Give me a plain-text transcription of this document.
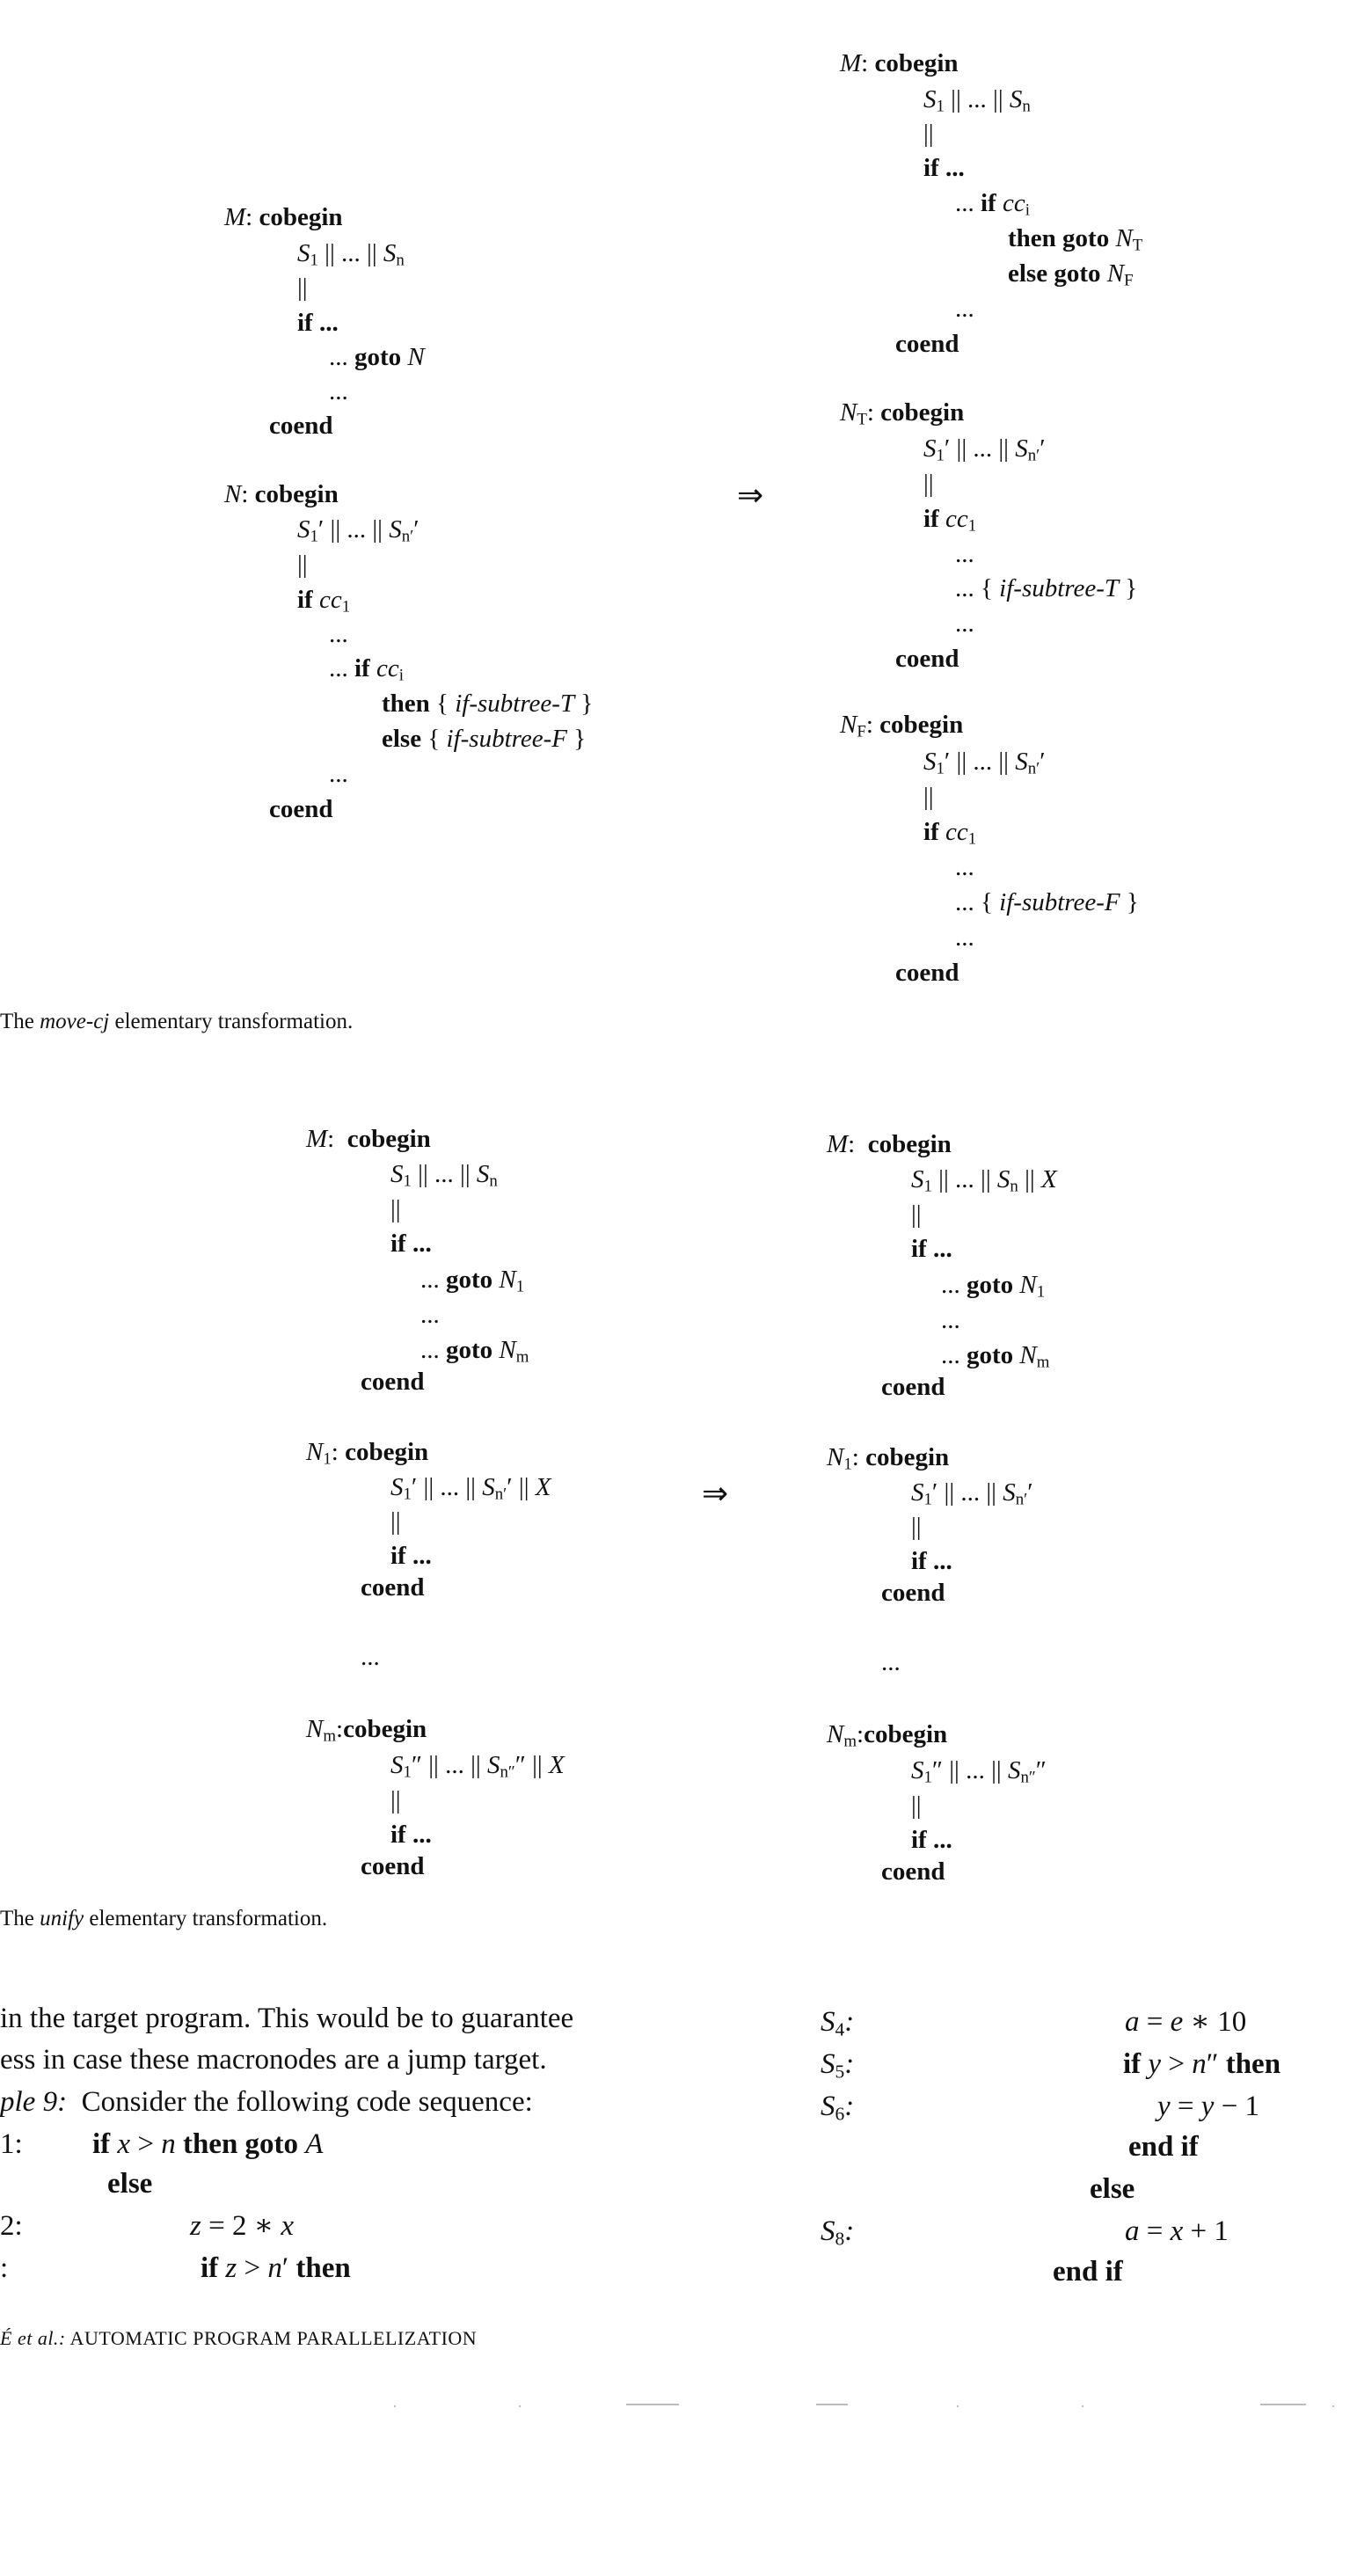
M: cobegin
$S_1$ || ... || $S_n$
||
if ...
... goto N
...
coend
N: cobegin
$S_1'$ || ... || $S_{n'}'$
||
if $cc_1$
...
... if $cc_i$
then { if-subtree-T }
else { if-subtree-F }
...
coend
⇒
M: cobegin
$S_1$ || ... || $S_n$
||
if ...
... if $cc_i$
then goto $N_T$
else goto $N_F$
...
coend
$N_T$: cobegin
$S_1'$ || ... || $S_{n'}'$
||
if $cc_1$
...
... { if-subtree-T }
...
coend
$N_F$: cobegin
$S_1'$ || ... || $S_{n'}'$
||
if $cc_1$
...
... { if-subtree-F }
...
coend
The move-cj elementary transformation.
M:  cobegin
$S_1$ || ... || $S_n$
||
if ...
... goto $N_1$
...
... goto $N_m$
coend
$N_1$: cobegin
$S_1'$ || ... || $S_{n'}'$ || X
||
if ...
coend
...
$N_m:cobegin$
$S_1''$ || ... || $S_{n''}''$ || X
||
if ...
coend
⇒
M:  cobegin
$S_1$ || ... || $S_n$ || X
||
if ...
... goto $N_1$
...
... goto $N_m$
coend
$N_1$: cobegin
$S_1'$ || ... || $S_{n'}'$
||
if ...
coend
...
$N_m:cobegin$
$S_1''$ || ... || $S_{n''}''$
||
if ...
coend
The unify elementary transformation.
in the target program. This would be to guarantee
ess in case these macronodes are a jump target.
ple 9: Consider the following code sequence:
1: if x > n then goto A
else
2:	z = 2 ∗ x
:	if z > n′ then
$S_4$:	a = e ∗ 10
$S_5$:	if y > n″ then
$S_6$:	y = y − 1
end if
else
$S_8$:	a = x + 1
end if
É et al.: AUTOMATIC PROGRAM PARALLELIZATION
